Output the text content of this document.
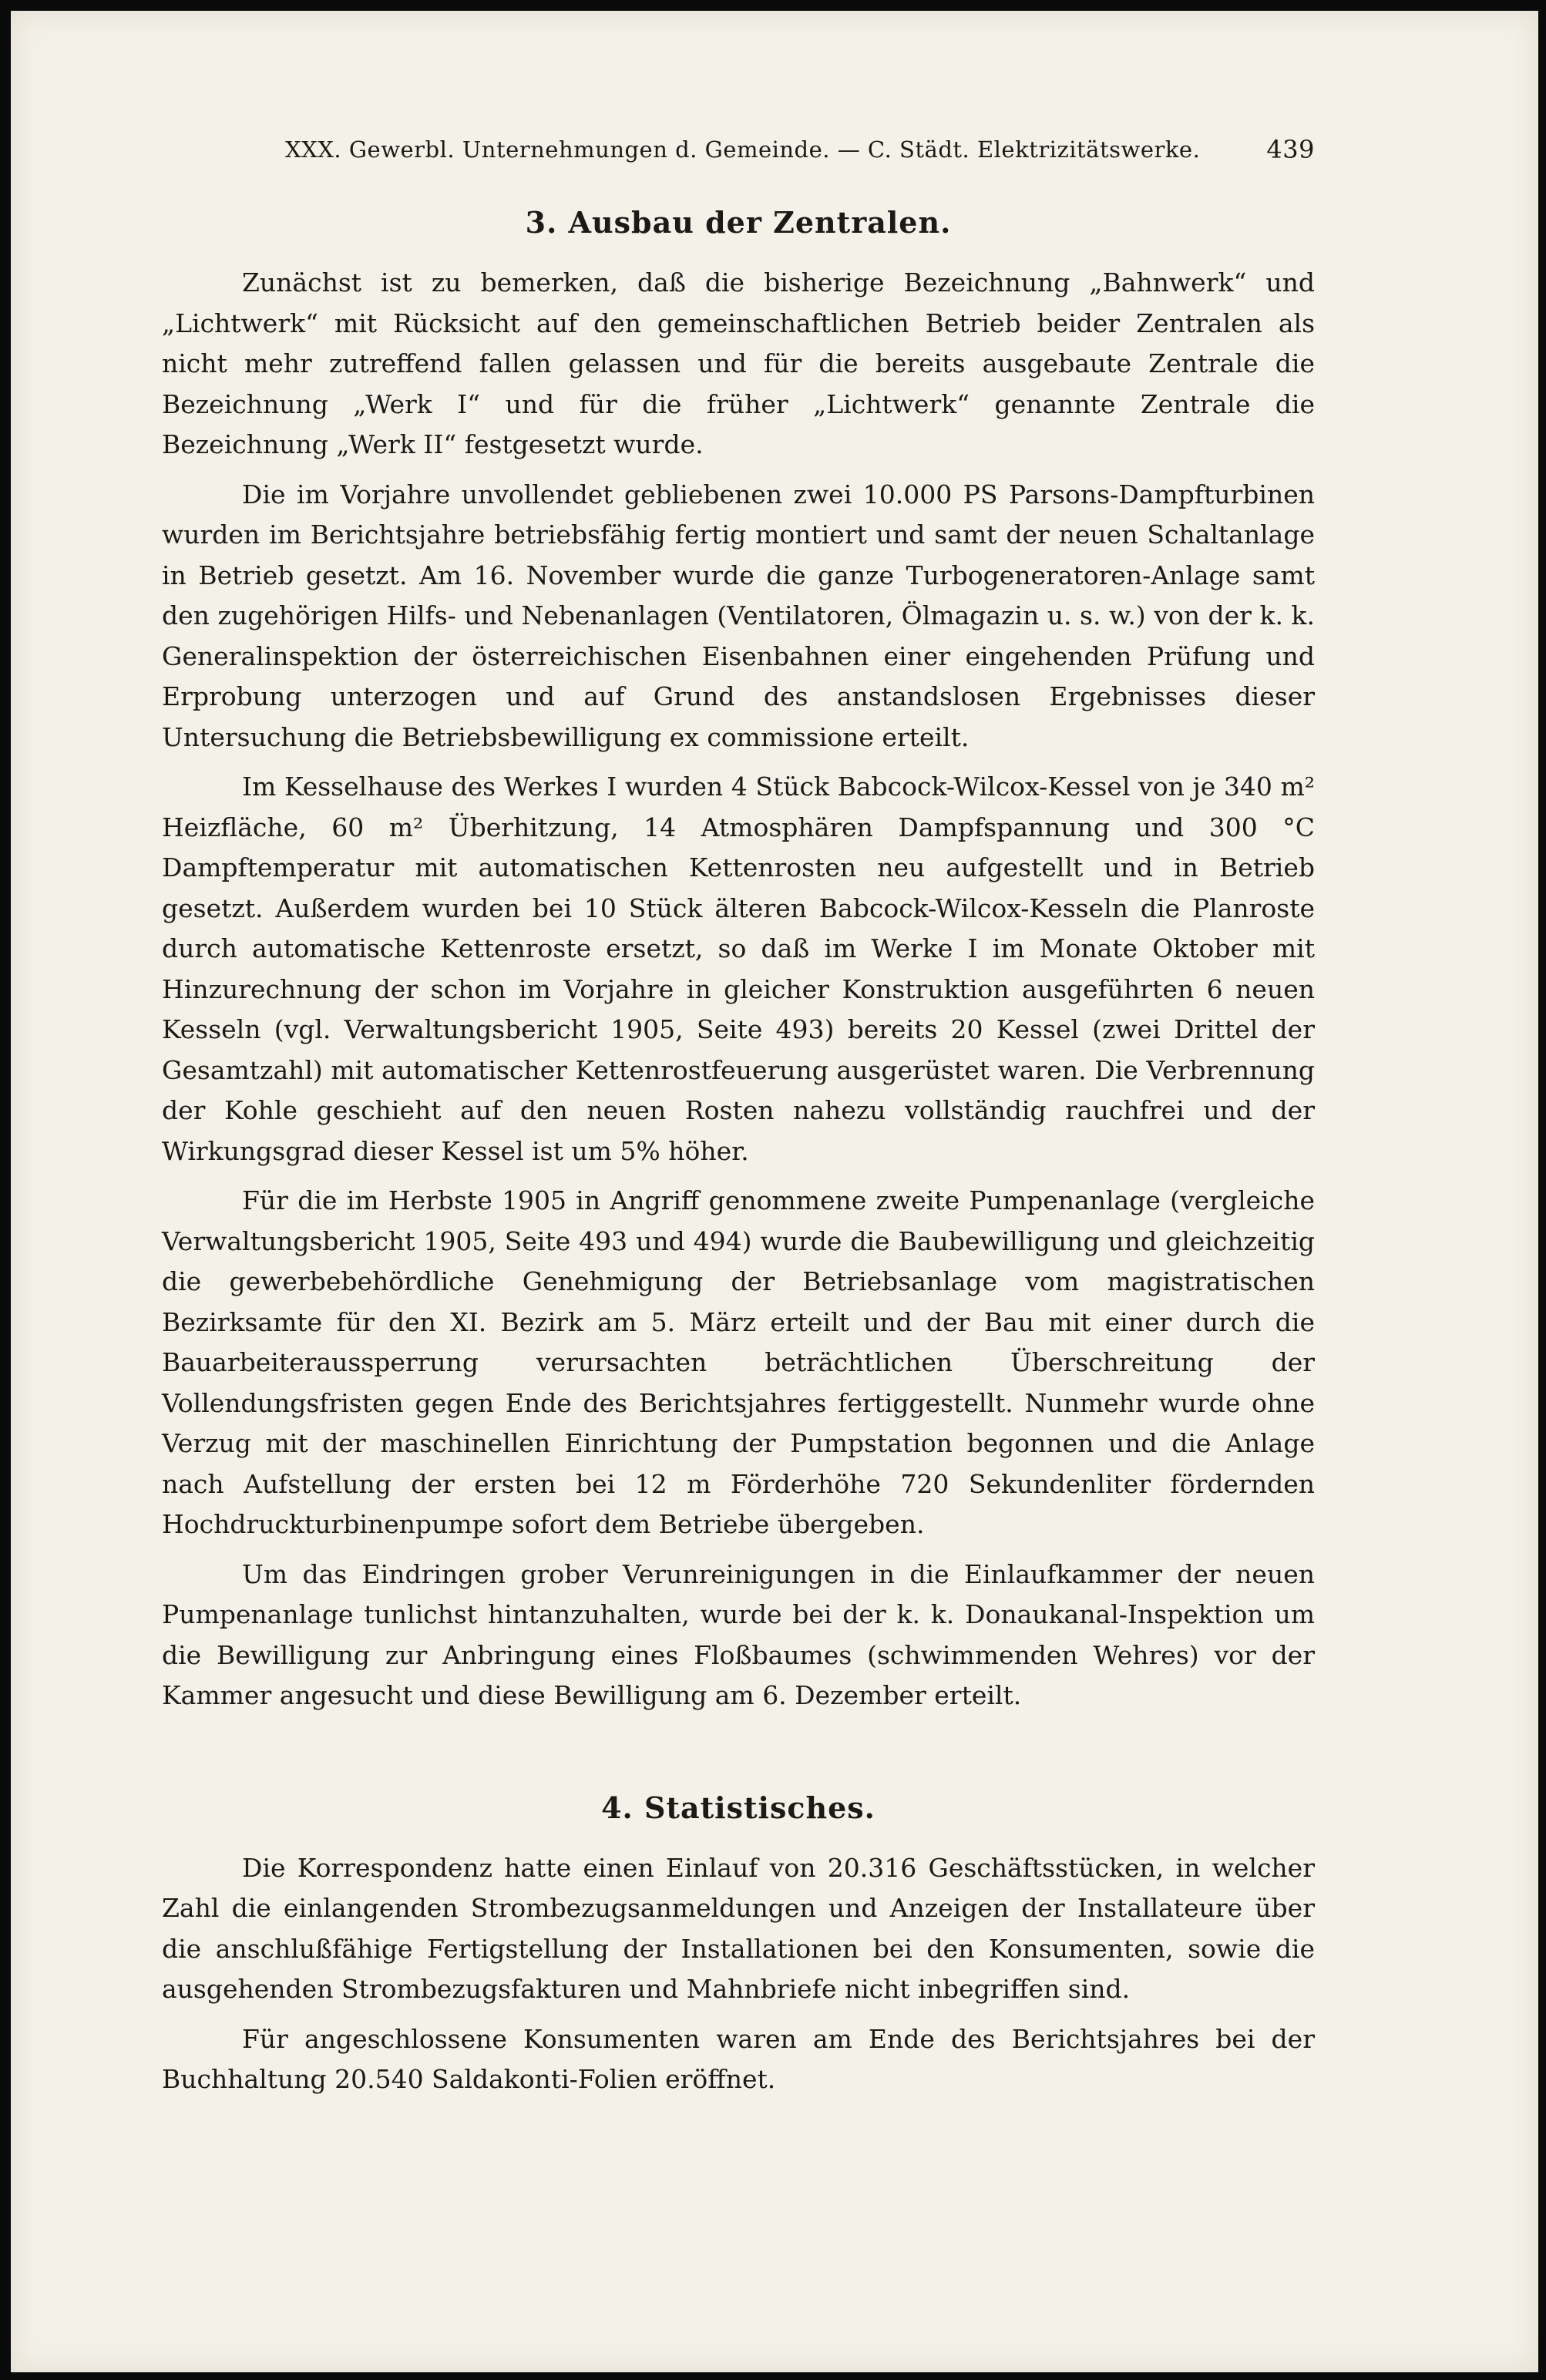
XXX. Gewerbl. Unternehmungen d. Gemeinde. — C. Städt. Elektrizitätswerke.	439
3. Ausbau der Zentralen.

Zunächst ist zu bemerken, daß die bisherige Bezeichnung „Bahnwerk“ und „Lichtwerk“ mit Rücksicht auf den gemeinschaftlichen Betrieb beider Zentralen als nicht mehr zutreffend fallen gelassen und für die bereits ausgebaute Zentrale die Bezeichnung „Werk I“ und für die früher „Lichtwerk“ genannte Zentrale die Bezeichnung „Werk II“ festgesetzt wurde.

Die im Vorjahre unvollendet gebliebenen zwei 10.000 PS Parsons-Dampfturbinen wurden im Berichtsjahre betriebsfähig fertig montiert und samt der neuen Schaltanlage in Betrieb gesetzt. Am 16. November wurde die ganze Turbogeneratoren-Anlage samt den zugehörigen Hilfs- und Nebenanlagen (Ventilatoren, Ölmagazin u. s. w.) von der k. k. Generalinspektion der österreichischen Eisenbahnen einer eingehenden Prüfung und Erprobung unterzogen und auf Grund des anstandslosen Ergebnisses dieser Untersuchung die Betriebsbewilligung ex commissione erteilt.

Im Kesselhause des Werkes I wurden 4 Stück Babcock-Wilcox-Kessel von je 340 m² Heizfläche, 60 m² Überhitzung, 14 Atmosphären Dampfspannung und 300 °C Dampftemperatur mit automatischen Kettenrosten neu aufgestellt und in Betrieb gesetzt. Außerdem wurden bei 10 Stück älteren Babcock-Wilcox-Kesseln die Planroste durch automatische Kettenroste ersetzt, so daß im Werke I im Monate Oktober mit Hinzurechnung der schon im Vorjahre in gleicher Konstruktion ausgeführten 6 neuen Kesseln (vgl. Verwaltungsbericht 1905, Seite 493) bereits 20 Kessel (zwei Drittel der Gesamtzahl) mit automatischer Kettenrostfeuerung ausgerüstet waren. Die Verbrennung der Kohle geschieht auf den neuen Rosten nahezu vollständig rauchfrei und der Wirkungsgrad dieser Kessel ist um 5% höher.

Für die im Herbste 1905 in Angriff genommene zweite Pumpenanlage (vergleiche Verwaltungsbericht 1905, Seite 493 und 494) wurde die Baubewilligung und gleichzeitig die gewerbebehördliche Genehmigung der Betriebsanlage vom magistratischen Bezirksamte für den XI. Bezirk am 5. März erteilt und der Bau mit einer durch die Bauarbeiteraussperrung verursachten beträchtlichen Überschreitung der Vollendungsfristen gegen Ende des Berichtsjahres fertiggestellt. Nunmehr wurde ohne Verzug mit der maschinellen Einrichtung der Pumpstation begonnen und die Anlage nach Aufstellung der ersten bei 12 m Förderhöhe 720 Sekundenliter fördernden Hochdruckturbinenpumpe sofort dem Betriebe übergeben.

Um das Eindringen grober Verunreinigungen in die Einlaufkammer der neuen Pumpenanlage tunlichst hintanzuhalten, wurde bei der k. k. Donaukanal-Inspektion um die Bewilligung zur Anbringung eines Floßbaumes (schwimmenden Wehres) vor der Kammer angesucht und diese Bewilligung am 6. Dezember erteilt.

4. Statistisches.

Die Korrespondenz hatte einen Einlauf von 20.316 Geschäftsstücken, in welcher Zahl die einlangenden Strombezugsanmeldungen und Anzeigen der Installateure über die anschlußfähige Fertigstellung der Installationen bei den Konsumenten, sowie die ausgehenden Strombezugsfakturen und Mahnbriefe nicht inbegriffen sind.

Für angeschlossene Konsumenten waren am Ende des Berichtsjahres bei der Buchhaltung 20.540 Saldakonti-Folien eröffnet.
